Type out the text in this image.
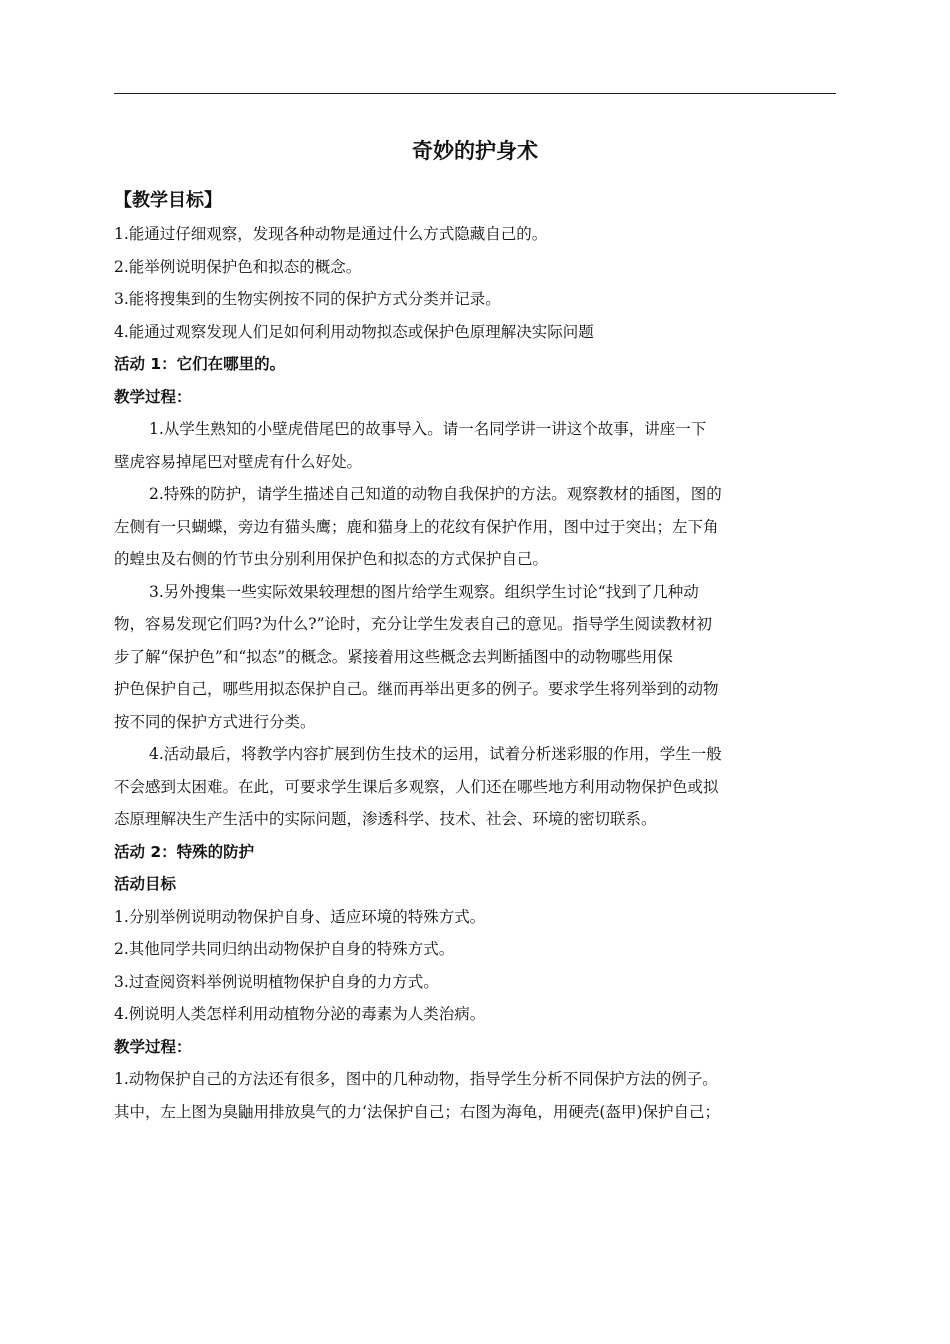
奇妙的护身术

【教学目标】

1.能通过仔细观察，发现各种动物是通过什么方式隐藏自己的。

2.能举例说明保护色和拟态的概念。

3.能将搜集到的生物实例按不同的保护方式分类并记录。

4.能通过观察发现人们足如何利用动物拟态或保护色原理解决实际问题

活动 1：它们在哪里的。

教学过程：

1.从学生熟知的小壁虎借尾巴的故事导入。请一名同学讲一讲这个故事，讲座一下

壁虎容易掉尾巴对壁虎有什么好处。

2.特殊的防护，请学生描述自己知道的动物自我保护的方法。观察教材的插图，图的

左侧有一只蝴蝶，旁边有猫头鹰；鹿和猫身上的花纹有保护作用，图中过于突出；左下角

的蝗虫及右侧的竹节虫分别利用保护色和拟态的方式保护自己。

3.另外搜集一些实际效果较理想的图片给学生观察。组织学生讨论“找到了几种动

物，容易发现它们吗?为什么?”论时，充分让学生发表自己的意见。指导学生阅读教材初

步了解“保护色”和“拟态”的概念。紧接着用这些概念去判断插图中的动物哪些用保

护色保护自己，哪些用拟态保护自己。继而再举出更多的例子。要求学生将列举到的动物

按不同的保护方式进行分类。

4.活动最后，将教学内容扩展到仿生技术的运用，试着分析迷彩服的作用，学生一般

不会感到太困难。在此，可要求学生课后多观察，人们还在哪些地方利用动物保护色或拟

态原理解决生产生活中的实际问题，渗透科学、技术、社会、环境的密切联系。

活动 2：特殊的防护

活动目标

1.分别举例说明动物保护自身、适应环境的特殊方式。

2.其他同学共同归纳出动物保护自身的特殊方式。

3.过查阅资料举例说明植物保护自身的力方式。

4.例说明人类怎样利用动植物分泌的毒素为人类治病。

教学过程：

1.动物保护自己的方法还有很多，图中的几种动物，指导学生分析不同保护方法的例子。

其中，左上图为臭鼬用排放臭气的力‘法保护自己；右图为海龟，用硬壳(盔甲)保护自己；
